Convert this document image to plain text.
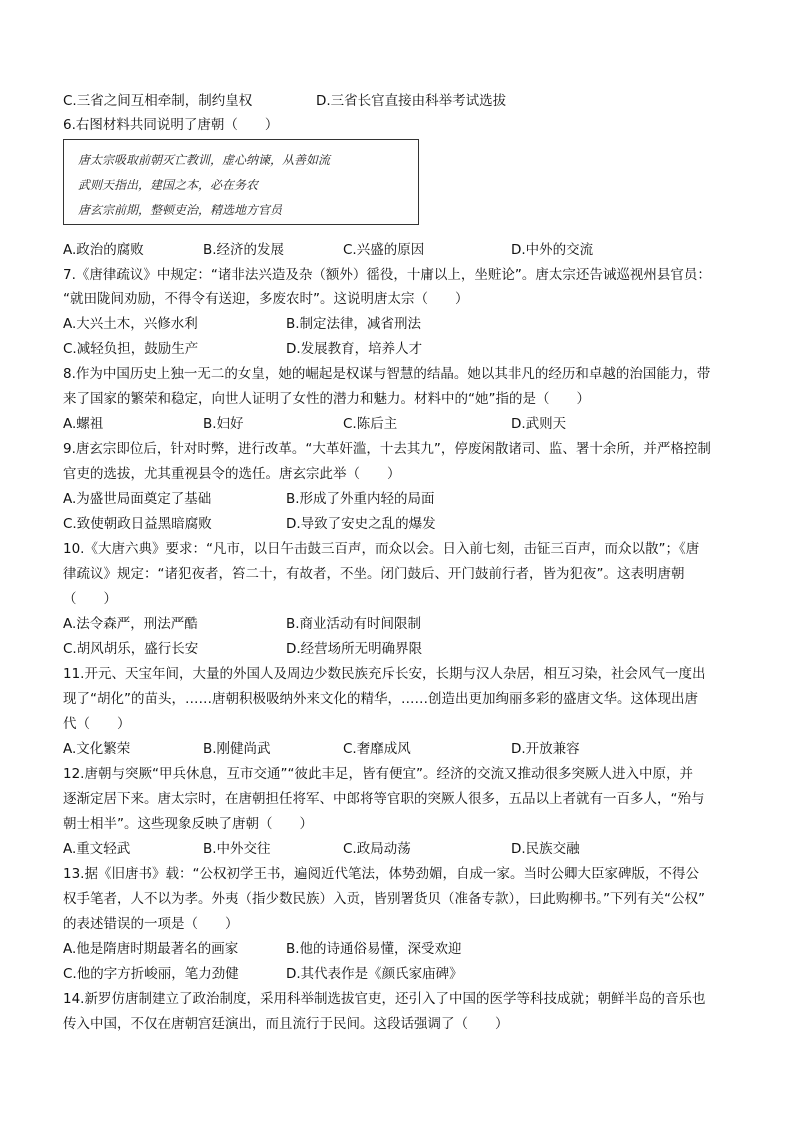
C.三省之间互相牵制，制约皇权	D.三省长官直接由科举考试选拔
6.右图材料共同说明了唐朝（　　）
唐太宗吸取前朝灭亡教训，虚心纳谏，从善如流
武则天指出，建国之本，必在务农
唐玄宗前期，整顿吏治，精选地方官员
A.政治的腐败	B.经济的发展	C.兴盛的原因	D.中外的交流
7.《唐律疏议》中规定：“诸非法兴造及杂（额外）徭役，十庸以上，坐赃论”。唐太宗还告诫巡视州县官员：
“就田陇间劝励，不得令有送迎，多废农时”。这说明唐太宗（　　）
A.大兴土木，兴修水利	B.制定法律，减省刑法
C.减轻负担，鼓励生产	D.发展教育，培养人才
8.作为中国历史上独一无二的女皇，她的崛起是权谋与智慧的结晶。她以其非凡的经历和卓越的治国能力，带
来了国家的繁荣和稳定，向世人证明了女性的潜力和魅力。材料中的“她”指的是（　　）
A.螺祖	B.妇好	C.陈后主	D.武则天
9.唐玄宗即位后，针对时弊，进行改革。“大革奸滥，十去其九”，停废闲散诸司、监、署十余所，并严格控制
官吏的选拔，尤其重视县令的选任。唐玄宗此举（　　）
A.为盛世局面奠定了基础	B.形成了外重内轻的局面
C.致使朝政日益黑暗腐败	D.导致了安史之乱的爆发
10.《大唐六典》要求：“凡市，以日午击鼓三百声，而众以会。日入前七刻，击钲三百声，而众以散”；《唐
律疏议》规定：“诸犯夜者，笞二十，有故者，不坐。闭门鼓后、开门鼓前行者，皆为犯夜”。这表明唐朝
（　　）
A.法令森严，刑法严酷	B.商业活动有时间限制
C.胡风胡乐，盛行长安	D.经营场所无明确界限
11.开元、天宝年间，大量的外国人及周边少数民族充斥长安，长期与汉人杂居，相互习染，社会风气一度出
现了“胡化”的苗头，……唐朝积极吸纳外来文化的精华，……创造出更加绚丽多彩的盛唐文华。这体现出唐
代（　　）
A.文化繁荣	B.刚健尚武	C.奢靡成风	D.开放兼容
12.唐朝与突厥“甲兵休息，互市交通”“彼此丰足，皆有便宜”。经济的交流又推动很多突厥人进入中原，并
逐渐定居下来。唐太宗时，在唐朝担任将军、中郎将等官职的突厥人很多，五品以上者就有一百多人，“殆与
朝士相半”。这些现象反映了唐朝（　　）
A.重文轻武	B.中外交往	C.政局动荡	D.民族交融
13.据《旧唐书》载：“公权初学王书，遍阅近代笔法，体势劲媚，自成一家。当时公卿大臣家碑版，不得公
权手笔者，人不以为孝。外夷（指少数民族）入贡，皆别署货贝（准备专款），曰此购柳书。”下列有关“公权”
的表述错误的一项是（　　）
A.他是隋唐时期最著名的画家	B.他的诗通俗易懂，深受欢迎
C.他的字方折峻丽，笔力劲健	D.其代表作是《颜氏家庙碑》
14.新罗仿唐制建立了政治制度，采用科举制选拔官吏，还引入了中国的医学等科技成就；朝鲜半岛的音乐也
传入中国，不仅在唐朝宫廷演出，而且流行于民间。这段话强调了（　　）
